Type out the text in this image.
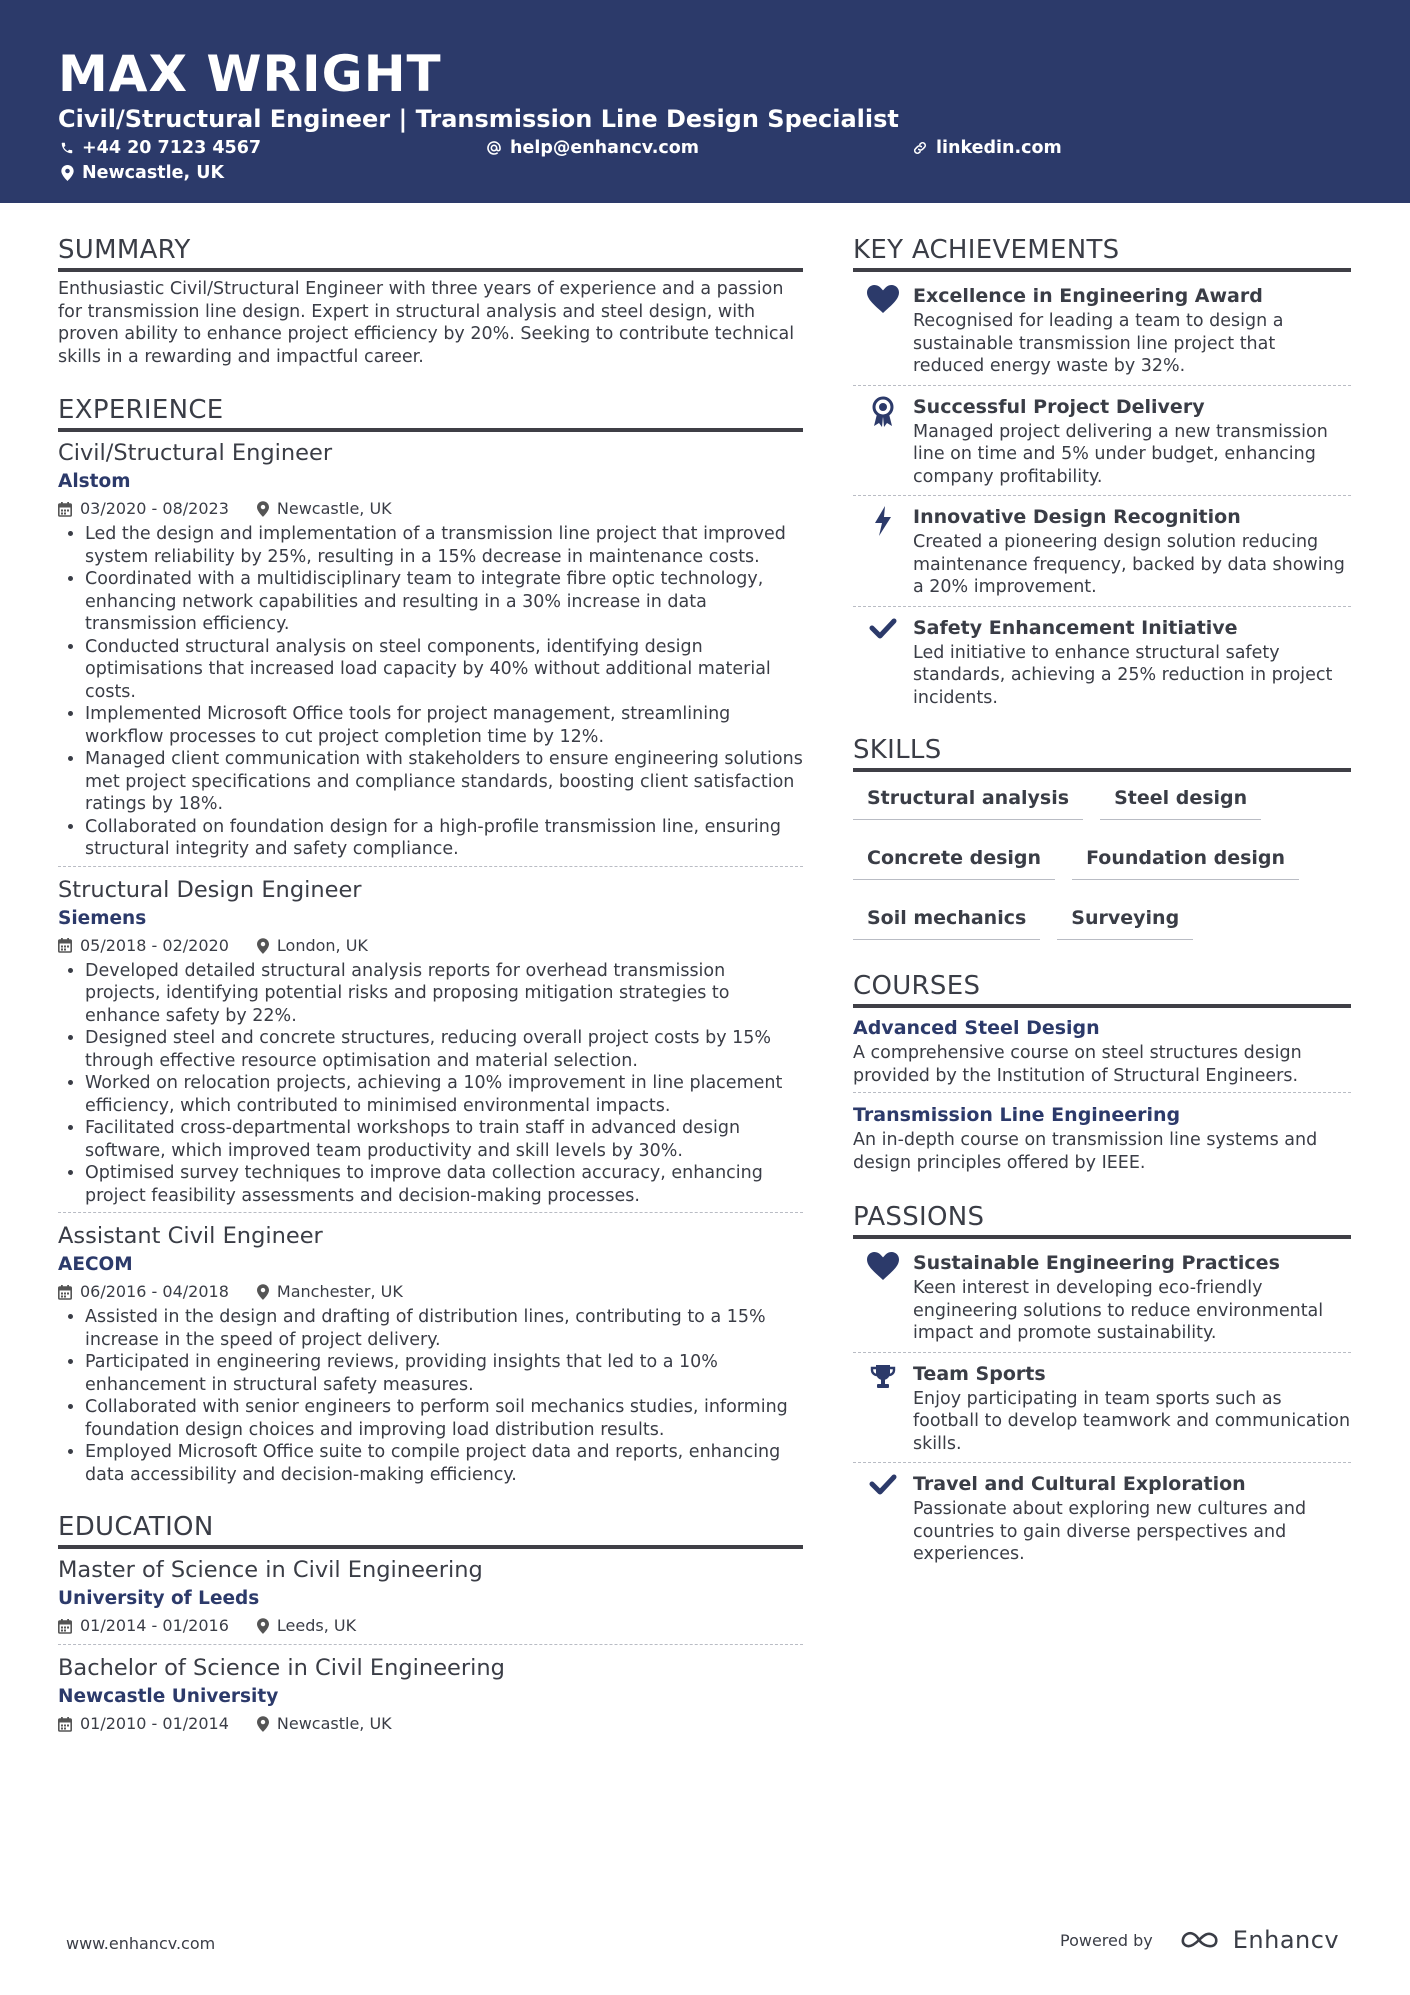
MAX WRIGHT
Civil/Structural Engineer | Transmission Line Design Specialist
+44 20 7123 4567	help@enhancv.com	linkedin.com
Newcastle, UK
SUMMARY

Enthusiastic Civil/Structural Engineer with three years of experience and a passion for transmission line design. Expert in structural analysis and steel design, with proven ability to enhance project efficiency by 20%. Seeking to contribute technical skills in a rewarding and impactful career.

EXPERIENCE
Civil/Structural Engineer
Alstom
03/2020 - 08/2023	Newcastle, UK
• Led the design and implementation of a transmission line project that improved system reliability by 25%, resulting in a 15% decrease in maintenance costs.
• Coordinated with a multidisciplinary team to integrate fibre optic technology, enhancing network capabilities and resulting in a 30% increase in data transmission efficiency.
• Conducted structural analysis on steel components, identifying design optimisations that increased load capacity by 40% without additional material costs.
• Implemented Microsoft Office tools for project management, streamlining workflow processes to cut project completion time by 12%.
• Managed client communication with stakeholders to ensure engineering solutions met project specifications and compliance standards, boosting client satisfaction ratings by 18%.
• Collaborated on foundation design for a high-profile transmission line, ensuring structural integrity and safety compliance.
Structural Design Engineer
Siemens
05/2018 - 02/2020	London, UK
• Developed detailed structural analysis reports for overhead transmission projects, identifying potential risks and proposing mitigation strategies to enhance safety by 22%.
• Designed steel and concrete structures, reducing overall project costs by 15% through effective resource optimisation and material selection.
• Worked on relocation projects, achieving a 10% improvement in line placement efficiency, which contributed to minimised environmental impacts.
• Facilitated cross-departmental workshops to train staff in advanced design software, which improved team productivity and skill levels by 30%.
• Optimised survey techniques to improve data collection accuracy, enhancing project feasibility assessments and decision-making processes.
Assistant Civil Engineer
AECOM
06/2016 - 04/2018	Manchester, UK
• Assisted in the design and drafting of distribution lines, contributing to a 15% increase in the speed of project delivery.
• Participated in engineering reviews, providing insights that led to a 10% enhancement in structural safety measures.
• Collaborated with senior engineers to perform soil mechanics studies, informing foundation design choices and improving load distribution results.
• Employed Microsoft Office suite to compile project data and reports, enhancing data accessibility and decision-making efficiency.
EDUCATION
Master of Science in Civil Engineering
University of Leeds
01/2014 - 01/2016	Leeds, UK
Bachelor of Science in Civil Engineering
Newcastle University
01/2010 - 01/2014	Newcastle, UK
KEY ACHIEVEMENTS
Excellence in Engineering Award

Recognised for leading a team to design a sustainable transmission line project that reduced energy waste by 32%.

Successful Project Delivery

Managed project delivering a new transmission line on time and 5% under budget, enhancing company profitability.

Innovative Design Recognition

Created a pioneering design solution reducing maintenance frequency, backed by data showing a 20% improvement.

Safety Enhancement Initiative

Led initiative to enhance structural safety standards, achieving a 25% reduction in project incidents.

SKILLS
Structural analysis	Steel design
Concrete design	Foundation design
Soil mechanics	Surveying
COURSES
Advanced Steel Design

A comprehensive course on steel structures design provided by the Institution of Structural Engineers.

Transmission Line Engineering

An in-depth course on transmission line systems and design principles offered by IEEE.

PASSIONS
Sustainable Engineering Practices

Keen interest in developing eco-friendly engineering solutions to reduce environmental impact and promote sustainability.

Team Sports

Enjoy participating in team sports such as football to develop teamwork and communication skills.

Travel and Cultural Exploration

Passionate about exploring new cultures and countries to gain diverse perspectives and experiences.

www.enhancv.com	Powered by	Enhancv
